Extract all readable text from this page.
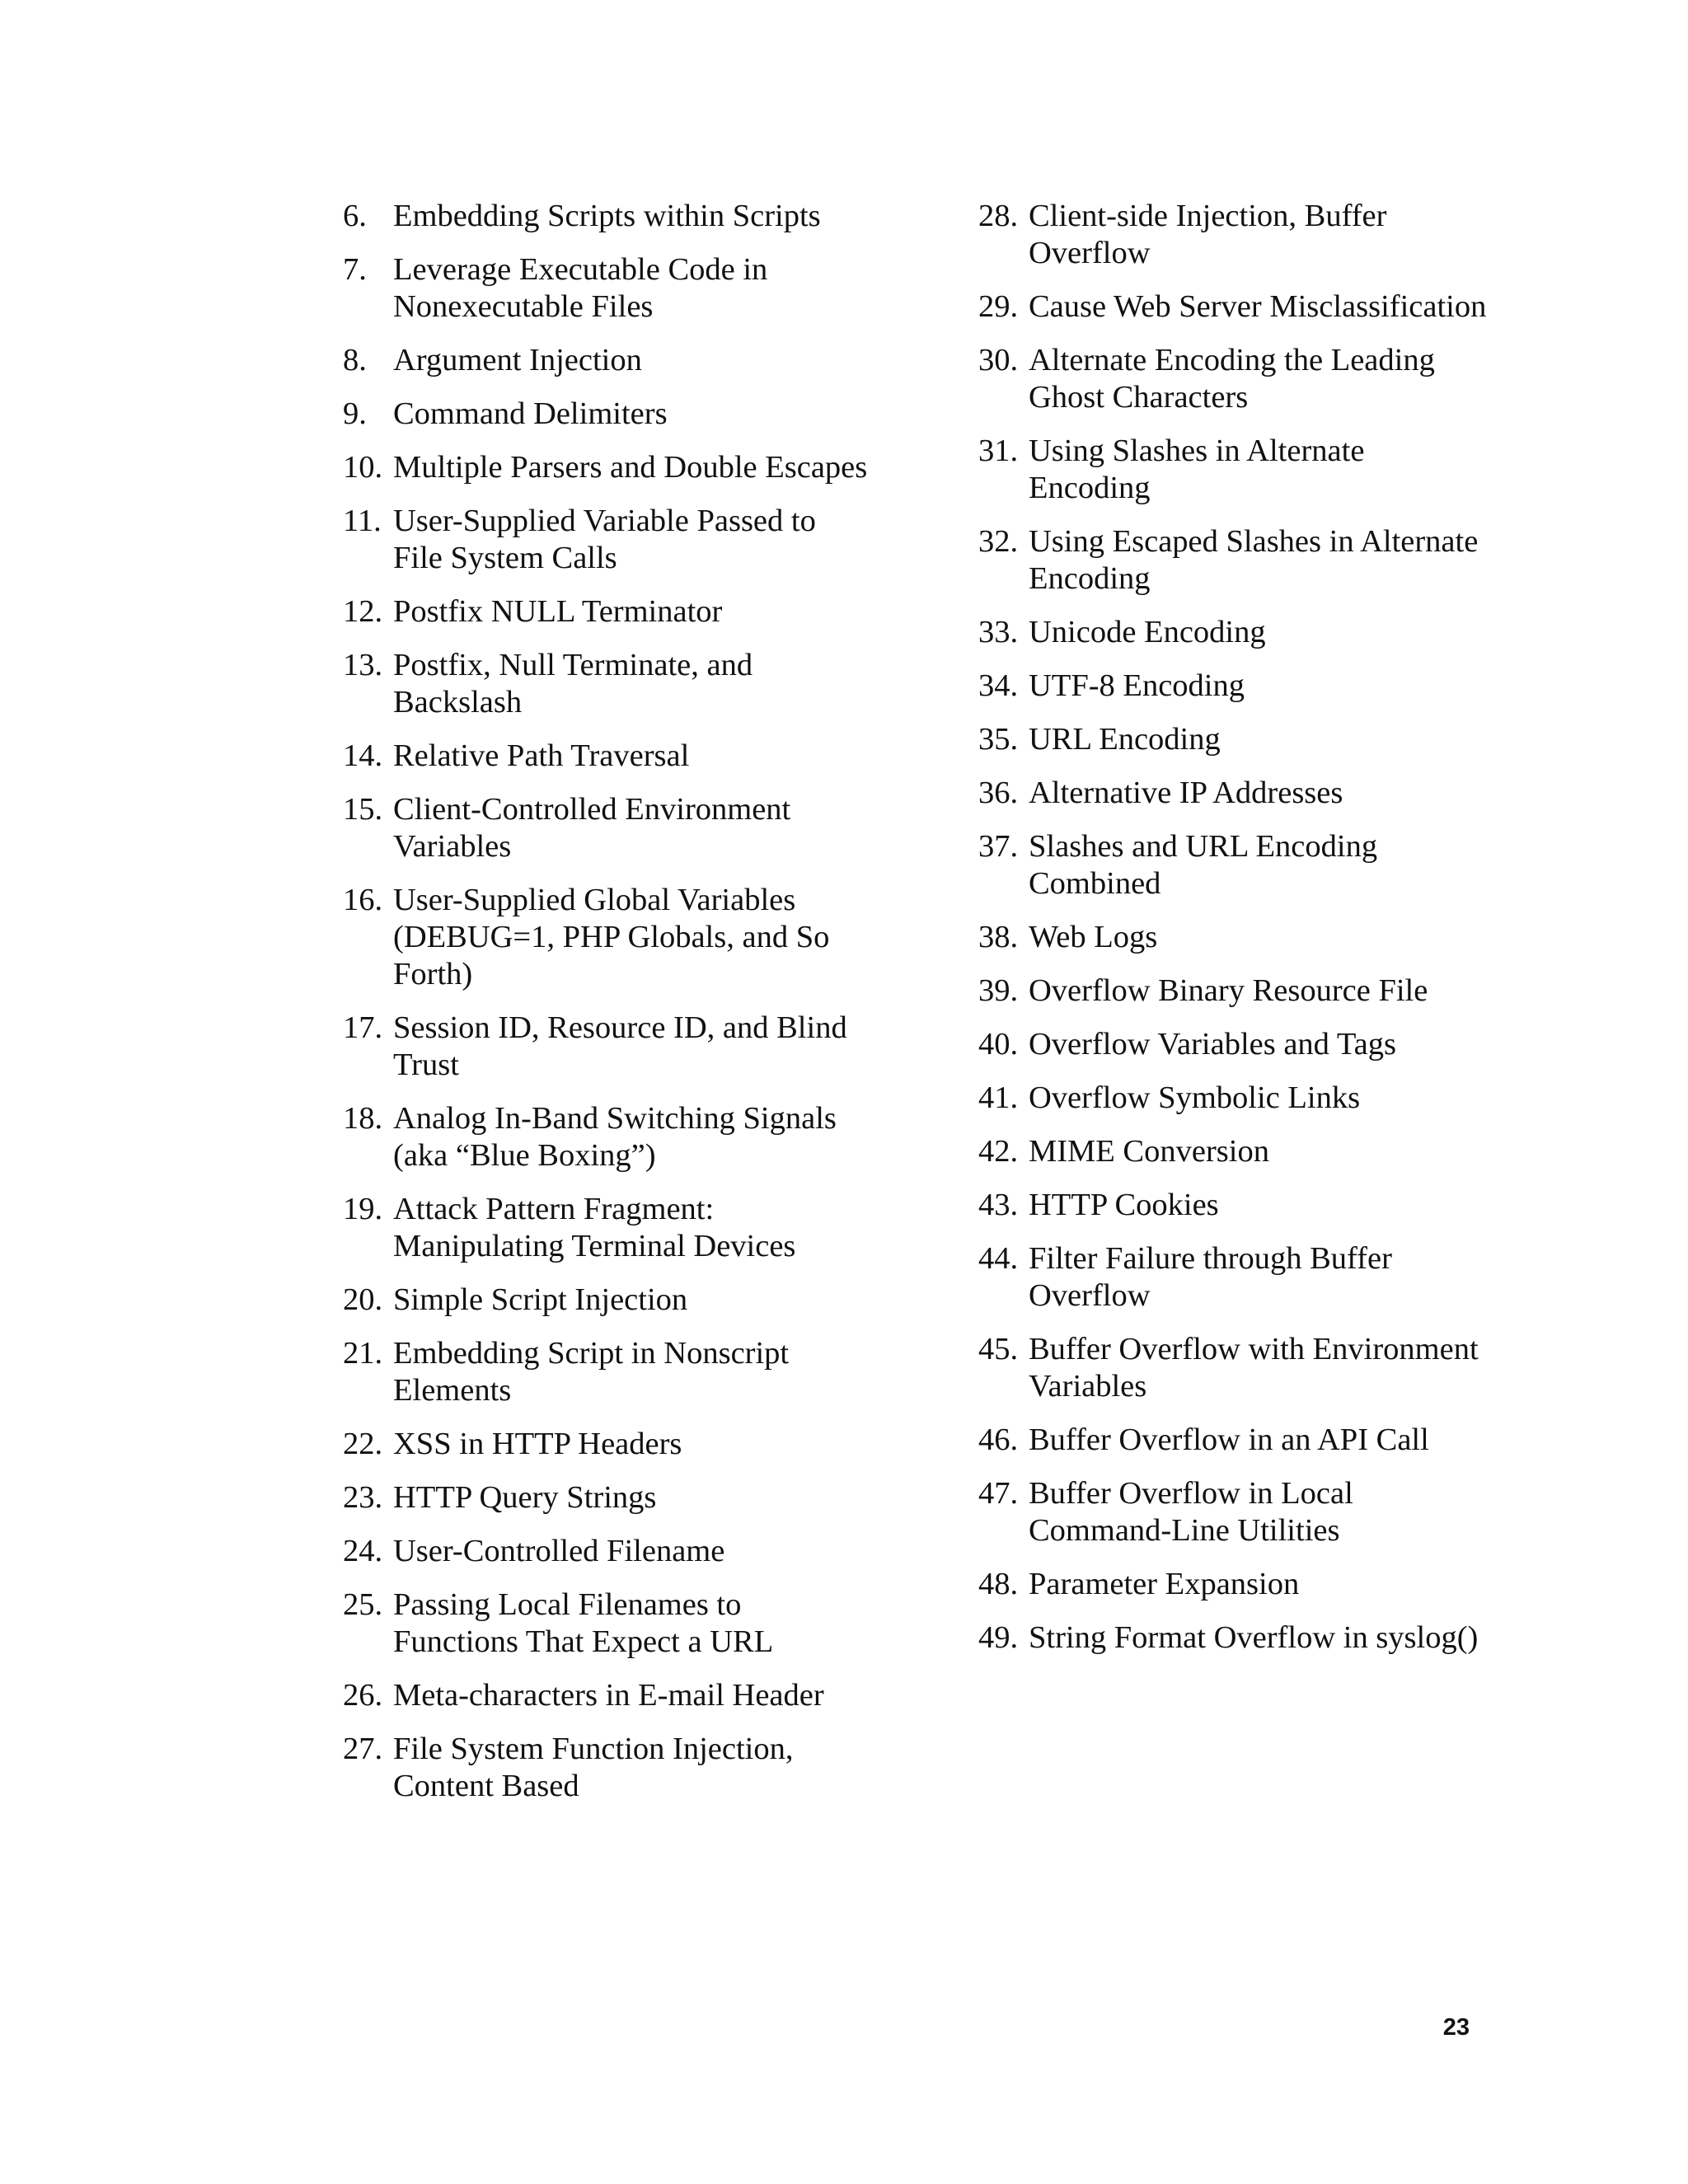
6. Embedding Scripts within Scripts
7. Leverage Executable Code in Nonexecutable Files
8. Argument Injection
9. Command Delimiters
10. Multiple Parsers and Double Escapes
11. User-Supplied Variable Passed to File System Calls
12. Postfix NULL Terminator
13. Postfix, Null Terminate, and Backslash
14. Relative Path Traversal
15. Client-Controlled Environment Variables
16. User-Supplied Global Variables (DEBUG=1, PHP Globals, and So Forth)
17. Session ID, Resource ID, and Blind Trust
18. Analog In-Band Switching Signals (aka “Blue Boxing”)
19. Attack Pattern Fragment: Manipulating Terminal Devices
20. Simple Script Injection
21. Embedding Script in Nonscript Elements
22. XSS in HTTP Headers
23. HTTP Query Strings
24. User-Controlled Filename
25. Passing Local Filenames to Functions That Expect a URL
26. Meta-characters in E-mail Header
27. File System Function Injection, Content Based
28. Client-side Injection, Buffer Overflow
29. Cause Web Server Misclassification
30. Alternate Encoding the Leading Ghost Characters
31. Using Slashes in Alternate Encoding
32. Using Escaped Slashes in Alternate Encoding
33. Unicode Encoding
34. UTF-8 Encoding
35. URL Encoding
36. Alternative IP Addresses
37. Slashes and URL Encoding Combined
38. Web Logs
39. Overflow Binary Resource File
40. Overflow Variables and Tags
41. Overflow Symbolic Links
42. MIME Conversion
43. HTTP Cookies
44. Filter Failure through Buffer Overflow
45. Buffer Overflow with Environment Variables
46. Buffer Overflow in an API Call
47. Buffer Overflow in Local Command-Line Utilities
48. Parameter Expansion
49. String Format Overflow in syslog()
23
